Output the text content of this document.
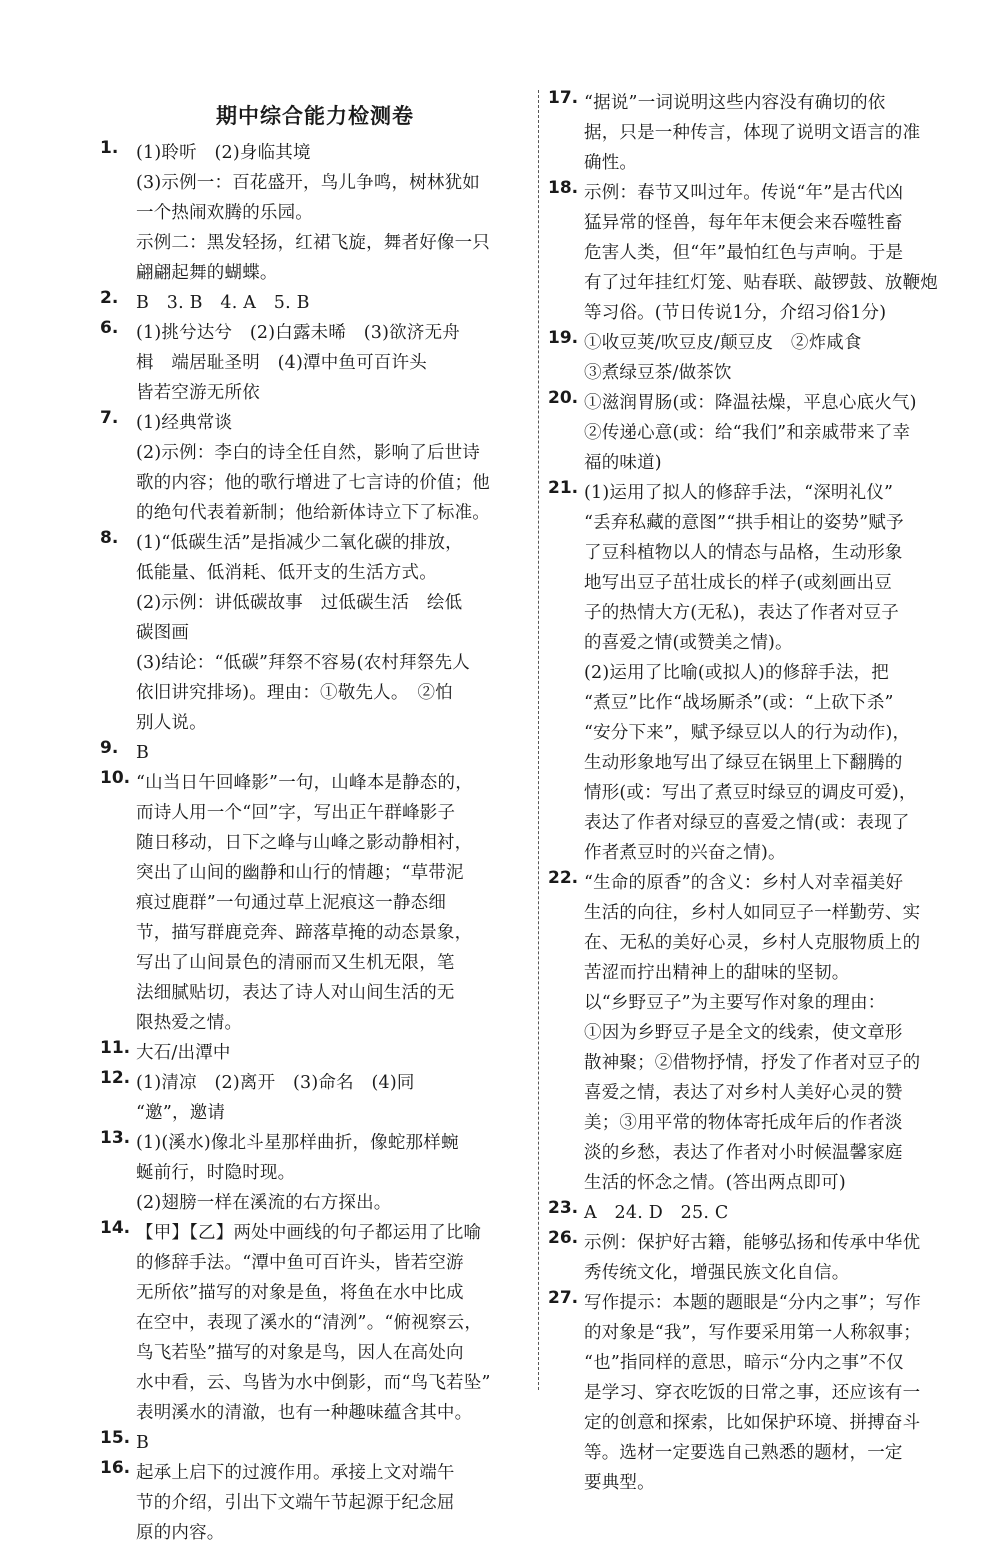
期中综合能力检测卷
1. (1)聆听　(2)身临其境
(3)示例一：百花盛开，鸟儿争鸣，树林犹如
一个热闹欢腾的乐园。
示例二：黑发轻扬，红裙飞旋，舞者好像一只
翩翩起舞的蝴蝶。
2. B　3. B　4. A　5. B
6. (1)挑兮达兮　(2)白露未晞　(3)欲济无舟
楫　端居耻圣明　(4)潭中鱼可百许头
皆若空游无所依
7. (1)经典常谈
(2)示例：李白的诗全任自然，影响了后世诗
歌的内容；他的歌行增进了七言诗的价值；他
的绝句代表着新制；他给新体诗立下了标准。
8. (1)“低碳生活”是指减少二氧化碳的排放，
低能量、低消耗、低开支的生活方式。
(2)示例：讲低碳故事　过低碳生活　绘低
碳图画
(3)结论：“低碳”拜祭不容易(农村拜祭先人
依旧讲究排场)。理由：①敬先人。　②怕
别人说。
9. B
10. “山当日午回峰影”一句，山峰本是静态的，
而诗人用一个“回”字，写出正午群峰影子
随日移动，日下之峰与山峰之影动静相衬，
突出了山间的幽静和山行的情趣；“草带泥
痕过鹿群”一句通过草上泥痕这一静态细
节，描写群鹿竞奔、蹄落草掩的动态景象，
写出了山间景色的清丽而又生机无限，笔
法细腻贴切，表达了诗人对山间生活的无
限热爱之情。
11. 大石/出潭中
12. (1)清凉　(2)离开　(3)命名　(4)同
“邀”，邀请
13. (1)(溪水)像北斗星那样曲折，像蛇那样蜿
蜒前行，时隐时现。
(2)翅膀一样在溪流的右方探出。
14. 【甲】【乙】两处中画线的句子都运用了比喻
的修辞手法。“潭中鱼可百许头，皆若空游
无所依”描写的对象是鱼，将鱼在水中比成
在空中，表现了溪水的“清洌”。“俯视察云，
鸟飞若坠”描写的对象是鸟，因人在高处向
水中看，云、鸟皆为水中倒影，而“鸟飞若坠”
表明溪水的清澈，也有一种趣味蕴含其中。
15. B
16. 起承上启下的过渡作用。承接上文对端午
节的介绍，引出下文端午节起源于纪念屈
原的内容。
17. “据说”一词说明这些内容没有确切的依
据，只是一种传言，体现了说明文语言的准
确性。
18. 示例：春节又叫过年。传说“年”是古代凶
猛异常的怪兽，每年年末便会来吞噬牲畜
危害人类，但“年”最怕红色与声响。于是
有了过年挂红灯笼、贴春联、敲锣鼓、放鞭炮
等习俗。(节日传说1分，介绍习俗1分)
19. ①收豆荚/吹豆皮/颠豆皮　②炸咸食
③煮绿豆茶/做茶饮
20. ①滋润胃肠(或：降温祛燥，平息心底火气)
②传递心意(或：给“我们”和亲戚带来了幸
福的味道)
21. (1)运用了拟人的修辞手法，“深明礼仪”
“丢弃私藏的意图”“拱手相让的姿势”赋予
了豆科植物以人的情态与品格，生动形象
地写出豆子茁壮成长的样子(或刻画出豆
子的热情大方(无私)，表达了作者对豆子
的喜爱之情(或赞美之情)。
(2)运用了比喻(或拟人)的修辞手法，把
“煮豆”比作“战场厮杀”(或：“上砍下杀”
“安分下来”，赋予绿豆以人的行为动作)，
生动形象地写出了绿豆在锅里上下翻腾的
情形(或：写出了煮豆时绿豆的调皮可爱)，
表达了作者对绿豆的喜爱之情(或：表现了
作者煮豆时的兴奋之情)。
22. “生命的原香”的含义：乡村人对幸福美好
生活的向往，乡村人如同豆子一样勤劳、实
在、无私的美好心灵，乡村人克服物质上的
苦涩而拧出精神上的甜味的坚韧。
以“乡野豆子”为主要写作对象的理由：
①因为乡野豆子是全文的线索，使文章形
散神聚；②借物抒情，抒发了作者对豆子的
喜爱之情，表达了对乡村人美好心灵的赞
美；③用平常的物体寄托成年后的作者淡
淡的乡愁，表达了作者对小时候温馨家庭
生活的怀念之情。(答出两点即可)
23. A　24. D　25. C
26. 示例：保护好古籍，能够弘扬和传承中华优
秀传统文化，增强民族文化自信。
27. 写作提示：本题的题眼是“分内之事”；写作
的对象是“我”，写作要采用第一人称叙事；
“也”指同样的意思，暗示“分内之事”不仅
是学习、穿衣吃饭的日常之事，还应该有一
定的创意和探索，比如保护环境、拼搏奋斗
等。选材一定要选自己熟悉的题材，一定
要典型。
